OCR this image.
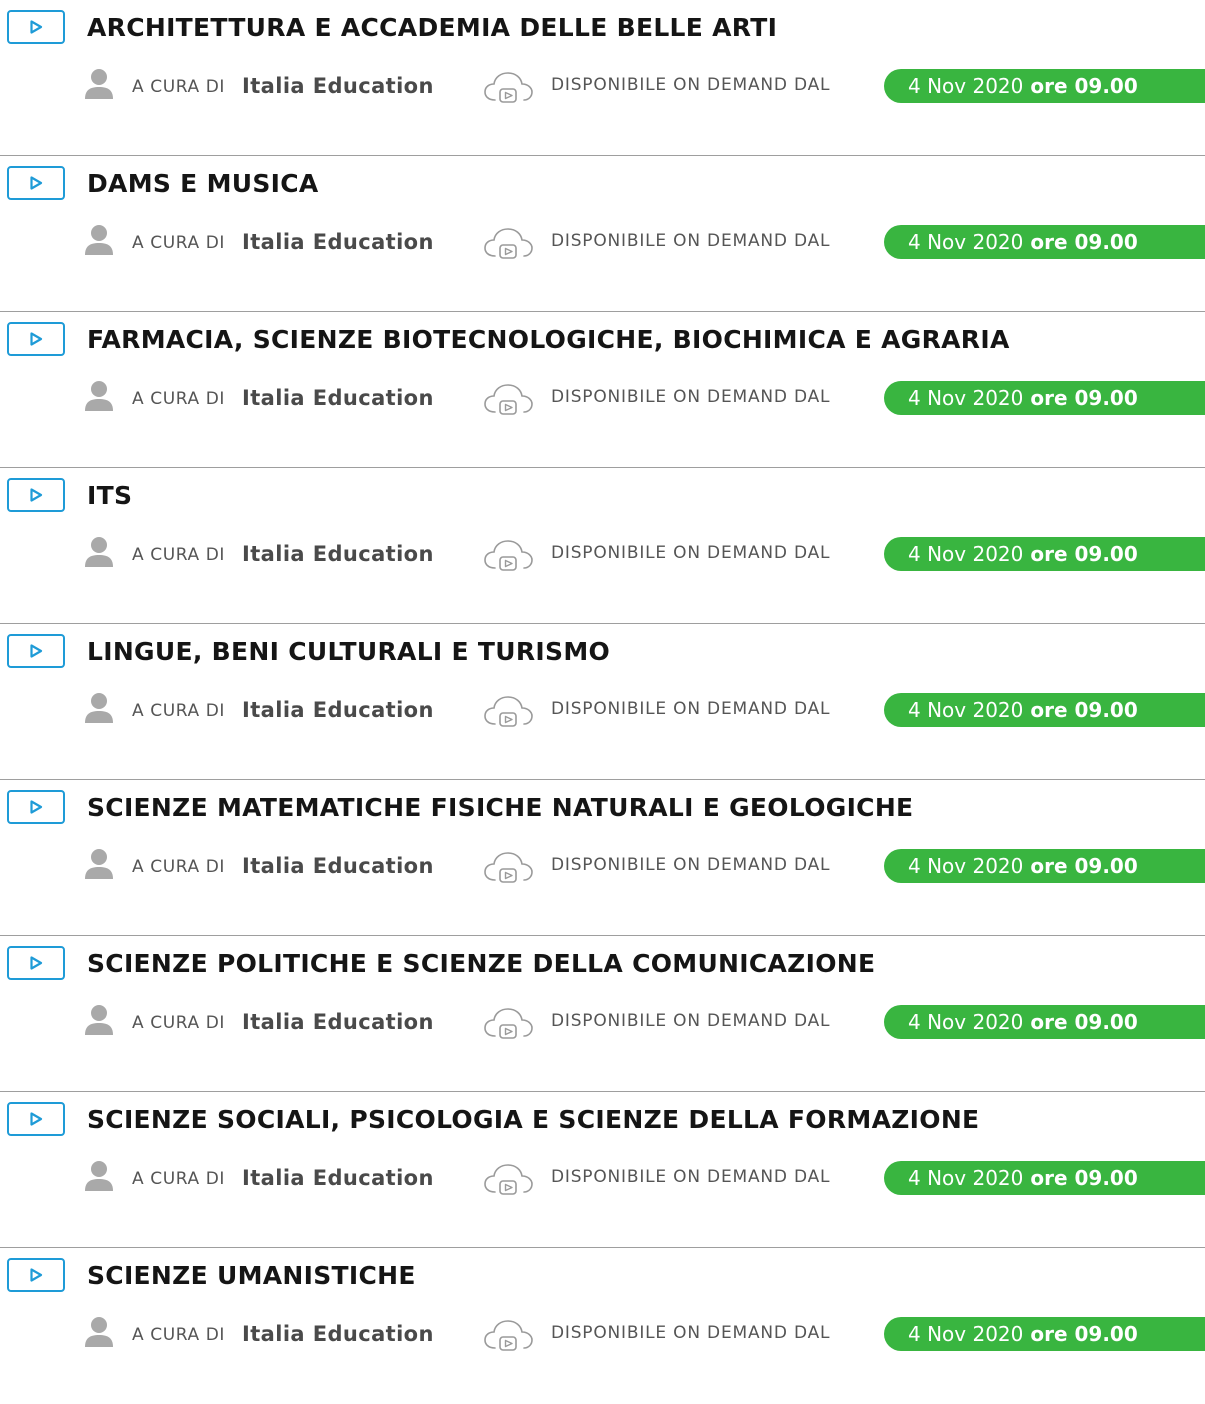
ARCHITETTURA E ACCADEMIA DELLE BELLE ARTI
A CURA DI Italia Education	DISPONIBILE ON DEMAND DAL	4 Nov 2020 ore 09.00
DAMS E MUSICA
A CURA DI Italia Education	DISPONIBILE ON DEMAND DAL	4 Nov 2020 ore 09.00
FARMACIA, SCIENZE BIOTECNOLOGICHE, BIOCHIMICA E AGRARIA
A CURA DI Italia Education	DISPONIBILE ON DEMAND DAL	4 Nov 2020 ore 09.00
ITS
A CURA DI Italia Education	DISPONIBILE ON DEMAND DAL	4 Nov 2020 ore 09.00
LINGUE, BENI CULTURALI E TURISMO
A CURA DI Italia Education	DISPONIBILE ON DEMAND DAL	4 Nov 2020 ore 09.00
SCIENZE MATEMATICHE FISICHE NATURALI E GEOLOGICHE
A CURA DI Italia Education	DISPONIBILE ON DEMAND DAL	4 Nov 2020 ore 09.00
SCIENZE POLITICHE E SCIENZE DELLA COMUNICAZIONE
A CURA DI Italia Education	DISPONIBILE ON DEMAND DAL	4 Nov 2020 ore 09.00
SCIENZE SOCIALI, PSICOLOGIA E SCIENZE DELLA FORMAZIONE
A CURA DI Italia Education	DISPONIBILE ON DEMAND DAL	4 Nov 2020 ore 09.00
SCIENZE UMANISTICHE
A CURA DI Italia Education	DISPONIBILE ON DEMAND DAL	4 Nov 2020 ore 09.00
